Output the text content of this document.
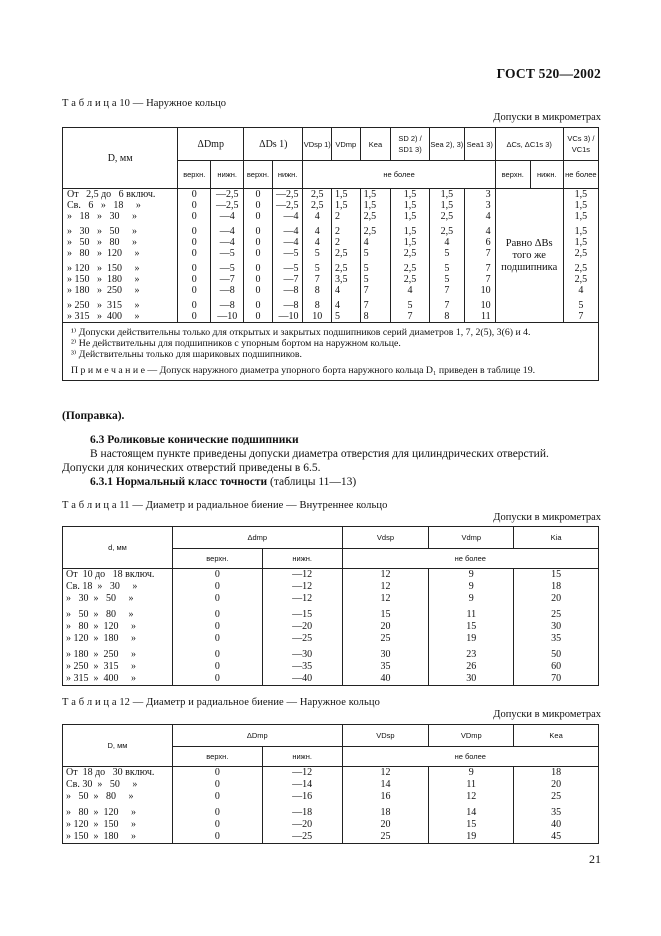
ГОСТ 520—2002
Т а б л и ц а 10 — Наружное кольцо
Допуски в микрометрах
D, мм	ΔDmp		ΔDs 1)		VDsp 1)	VDmp	Kea	SD 2) / SD1 3)	Sea 2), 3)	Sea1 3)	ΔCs, ΔC1s 3)		VCs 3) / VC1s
	верхн.	нижн.	верхн.	нижн.	не более						верхн.	нижн.	не более
От   2,5 до   6 включ.	0	—2,5	0	—2,5	2,5	1,5	1,5	1,5	1,5	3	Равно ΔBs того же подшипника		1,5
Св.   6   »   18     »	0	—2,5	0	—2,5	2,5	1,5	1,5	1,5	1,5	3			1,5
»   18   »   30     »	0	—4	0	—4	4	2	2,5	1,5	2,5	4			1,5
»   30   »   50     »	0	—4	0	—4	4	2	2,5	1,5	2,5	4			1,5
»   50   »   80     »	0	—4	0	—4	4	2	4	1,5	4	6			1,5
»   80   »  120     »	0	—5	0	—5	5	2,5	5	2,5	5	7			2,5
» 120   »  150     »	0	—5	0	—5	5	2,5	5	2,5	5	7			2,5
» 150   »  180     »	0	—7	0	—7	7	3,5	5	2,5	5	7			2,5
» 180   »  250     »	0	—8	0	—8	8	4	7	4	7	10			4
» 250   »  315     »	0	—8	0	—8	8	4	7	5	7	10			5
» 315   »  400     »	0	—10	0	—10	10	5	8	7	8	11			7

¹⁾ Допуски действительны только для открытых и закрытых подшипников серий диаметров 1, 7, 2(5), 3(6) и 4.
²⁾ Не действительны для подшипников с упорным бортом на наружном кольце.
³⁾ Действительны только для шариковых подшипников.
П р и м е ч а н и е — Допуск наружного диаметра упорного борта наружного кольца D₁ приведен в таблице 19.													
(Поправка).
6.3 Роликовые конические подшипники
В настоящем пункте приведены допуски диаметра отверстия для цилиндрических отверстий.
Допуски для конических отверстий приведены в 6.5.
6.3.1 Нормальный класс точности (таблицы 11—13)
Т а б л и ц а 11 — Диаметр и радиальное биение — Внутреннее кольцо
Допуски в микрометрах
d, мм	Δdmp		Vdsp	Vdmp	Kia
	верхн.	нижн.	не более		
От  10 до   18 включ.	0	—12	12	9	15
Св. 18  »   30     »	0	—12	12	9	18
»   30  »   50     »	0	—12	12	9	20
»   50  »   80     »	0	—15	15	11	25
»   80  »  120     »	0	—20	20	15	30
» 120  »  180     »	0	—25	25	19	35
» 180  »  250     »	0	—30	30	23	50
» 250  »  315     »	0	—35	35	26	60
» 315  »  400     »	0	—40	40	30	70
Т а б л и ц а 12 — Диаметр и радиальное биение — Наружное кольцо
Допуски в микрометрах
D, мм	ΔDmp		VDsp	VDmp	Kea
	верхн.	нижн.	не более		
От  18 до   30 включ.	0	—12	12	9	18
Св. 30  »   50     »	0	—14	14	11	20
»   50  »   80     »	0	—16	16	12	25
»   80  »  120     »	0	—18	18	14	35
» 120  »  150     »	0	—20	20	15	40
» 150  »  180     »	0	—25	25	19	45
21
